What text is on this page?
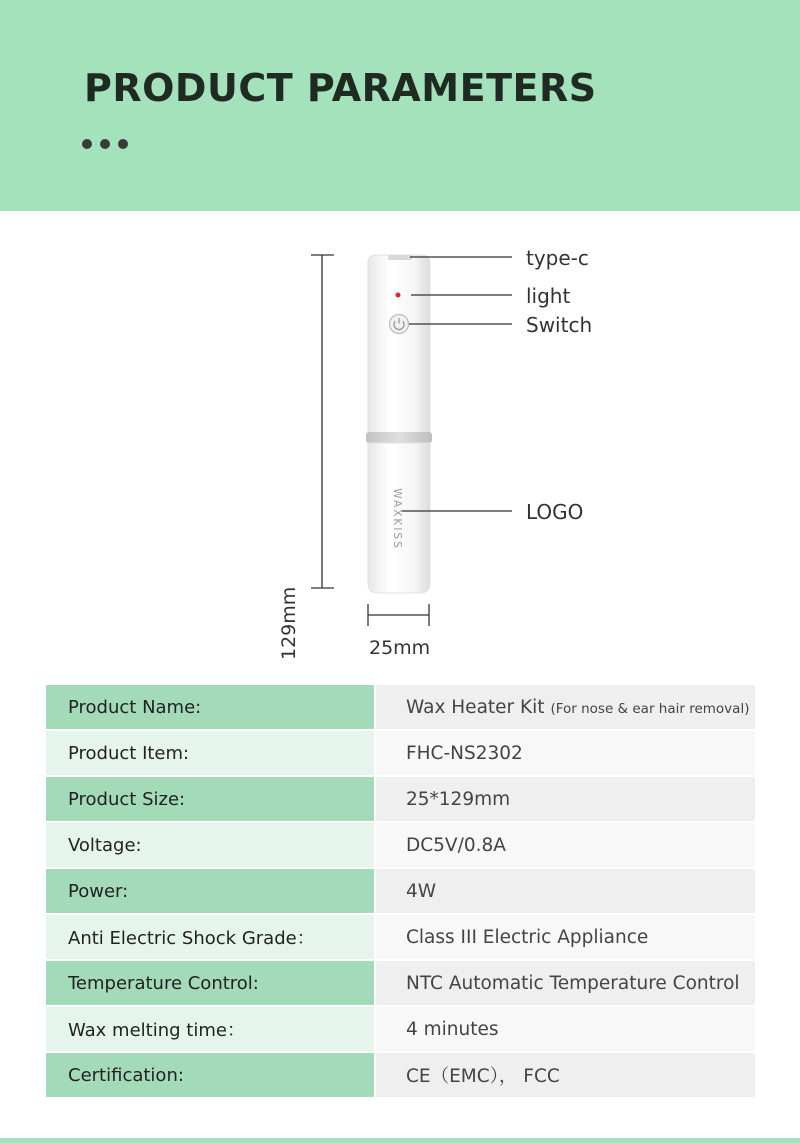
PRODUCT PARAMETERS
WAXKISS
129mm	25mm
type-c
light
Switch
LOGO
Product Name:	Wax Heater Kit (For nose & ear hair removal)
Product Item:	FHC-NS2302
Product Size:	25*129mm
Voltage:	DC5V/0.8A
Power:	4W
Anti Electric Shock Grade：	Class III Electric Appliance
Temperature Control:	NTC Automatic Temperature Control
Wax melting time：	4 minutes
Certification:	CE（EMC）， FCC
